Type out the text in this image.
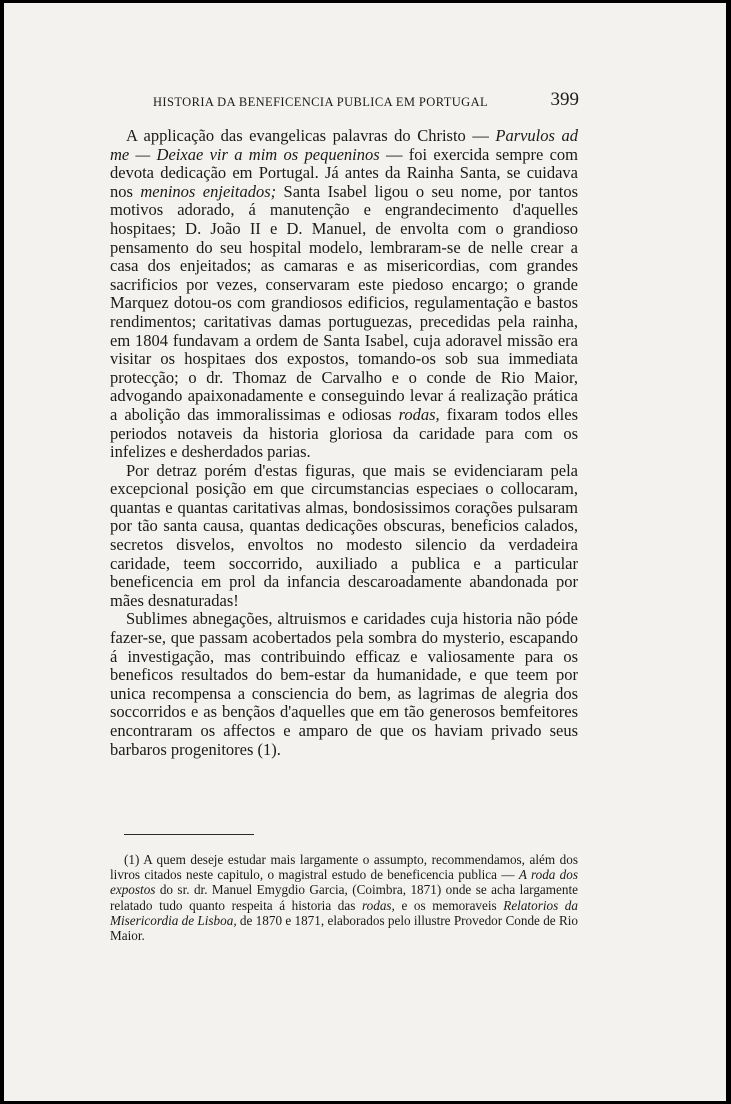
HISTORIA DA BENEFICENCIA PUBLICA EM PORTUGAL	399

A applicação das evangelicas palavras do Christo — Parvulos ad me — Deixae vir a mim os pequeninos — foi exercida sempre com devota dedicação em Portugal. Já antes da Rainha Santa, se cuidava nos meninos enjeitados; Santa Isabel ligou o seu nome, por tantos motivos adorado, á manutenção e engrandecimento d'aquelles hospitaes; D. João II e D. Manuel, de envolta com o grandioso pensamento do seu hospital modelo, lembraram-se de nelle crear a casa dos enjeitados; as camaras e as misericordias, com grandes sacrificios por vezes, conservaram este piedoso encargo; o grande Marquez dotou-os com grandiosos edificios, regulamentação e bastos rendimentos; caritativas damas portuguezas, precedidas pela rainha, em 1804 fundavam a ordem de Santa Isabel, cuja adoravel missão era visitar os hospitaes dos expostos, tomando-os sob sua immediata protecção; o dr. Thomaz de Carvalho e o conde de Rio Maior, advogando apaixonadamente e conseguindo levar á realização prática a abolição das immoralissimas e odiosas rodas, fixaram todos elles periodos notaveis da historia gloriosa da caridade para com os infelizes e desherdados parias.

Por detraz porém d'estas figuras, que mais se evidenciaram pela excepcional posição em que circumstancias especiaes o collocaram, quantas e quantas caritativas almas, bondosissimos corações pulsaram por tão santa causa, quantas dedicações obscuras, beneficios calados, secretos disvelos, envoltos no modesto silencio da verdadeira caridade, teem soccorrido, auxiliado a publica e a particular beneficencia em prol da infancia descaroadamente abandonada por mães desnaturadas!

Sublimes abnegações, altruismos e caridades cuja historia não póde fazer-se, que passam acobertados pela sombra do mysterio, escapando á investigação, mas contribuindo efficaz e valiosamente para os beneficos resultados do bem-estar da humanidade, e que teem por unica recompensa a consciencia do bem, as lagrimas de alegria dos soccorridos e as bençãos d'aquelles que em tão generosos bemfeitores encontraram os affectos e amparo de que os haviam privado seus barbaros progenitores (1).

(1) A quem deseje estudar mais largamente o assumpto, recommendamos, além dos livros citados neste capitulo, o magistral estudo de beneficencia publica — A roda dos expostos do sr. dr. Manuel Emygdio Garcia, (Coimbra, 1871) onde se acha largamente relatado tudo quanto respeita á historia das rodas, e os memoraveis Relatorios da Misericordia de Lisboa, de 1870 e 1871, elaborados pelo illustre Provedor Conde de Rio Maior.
